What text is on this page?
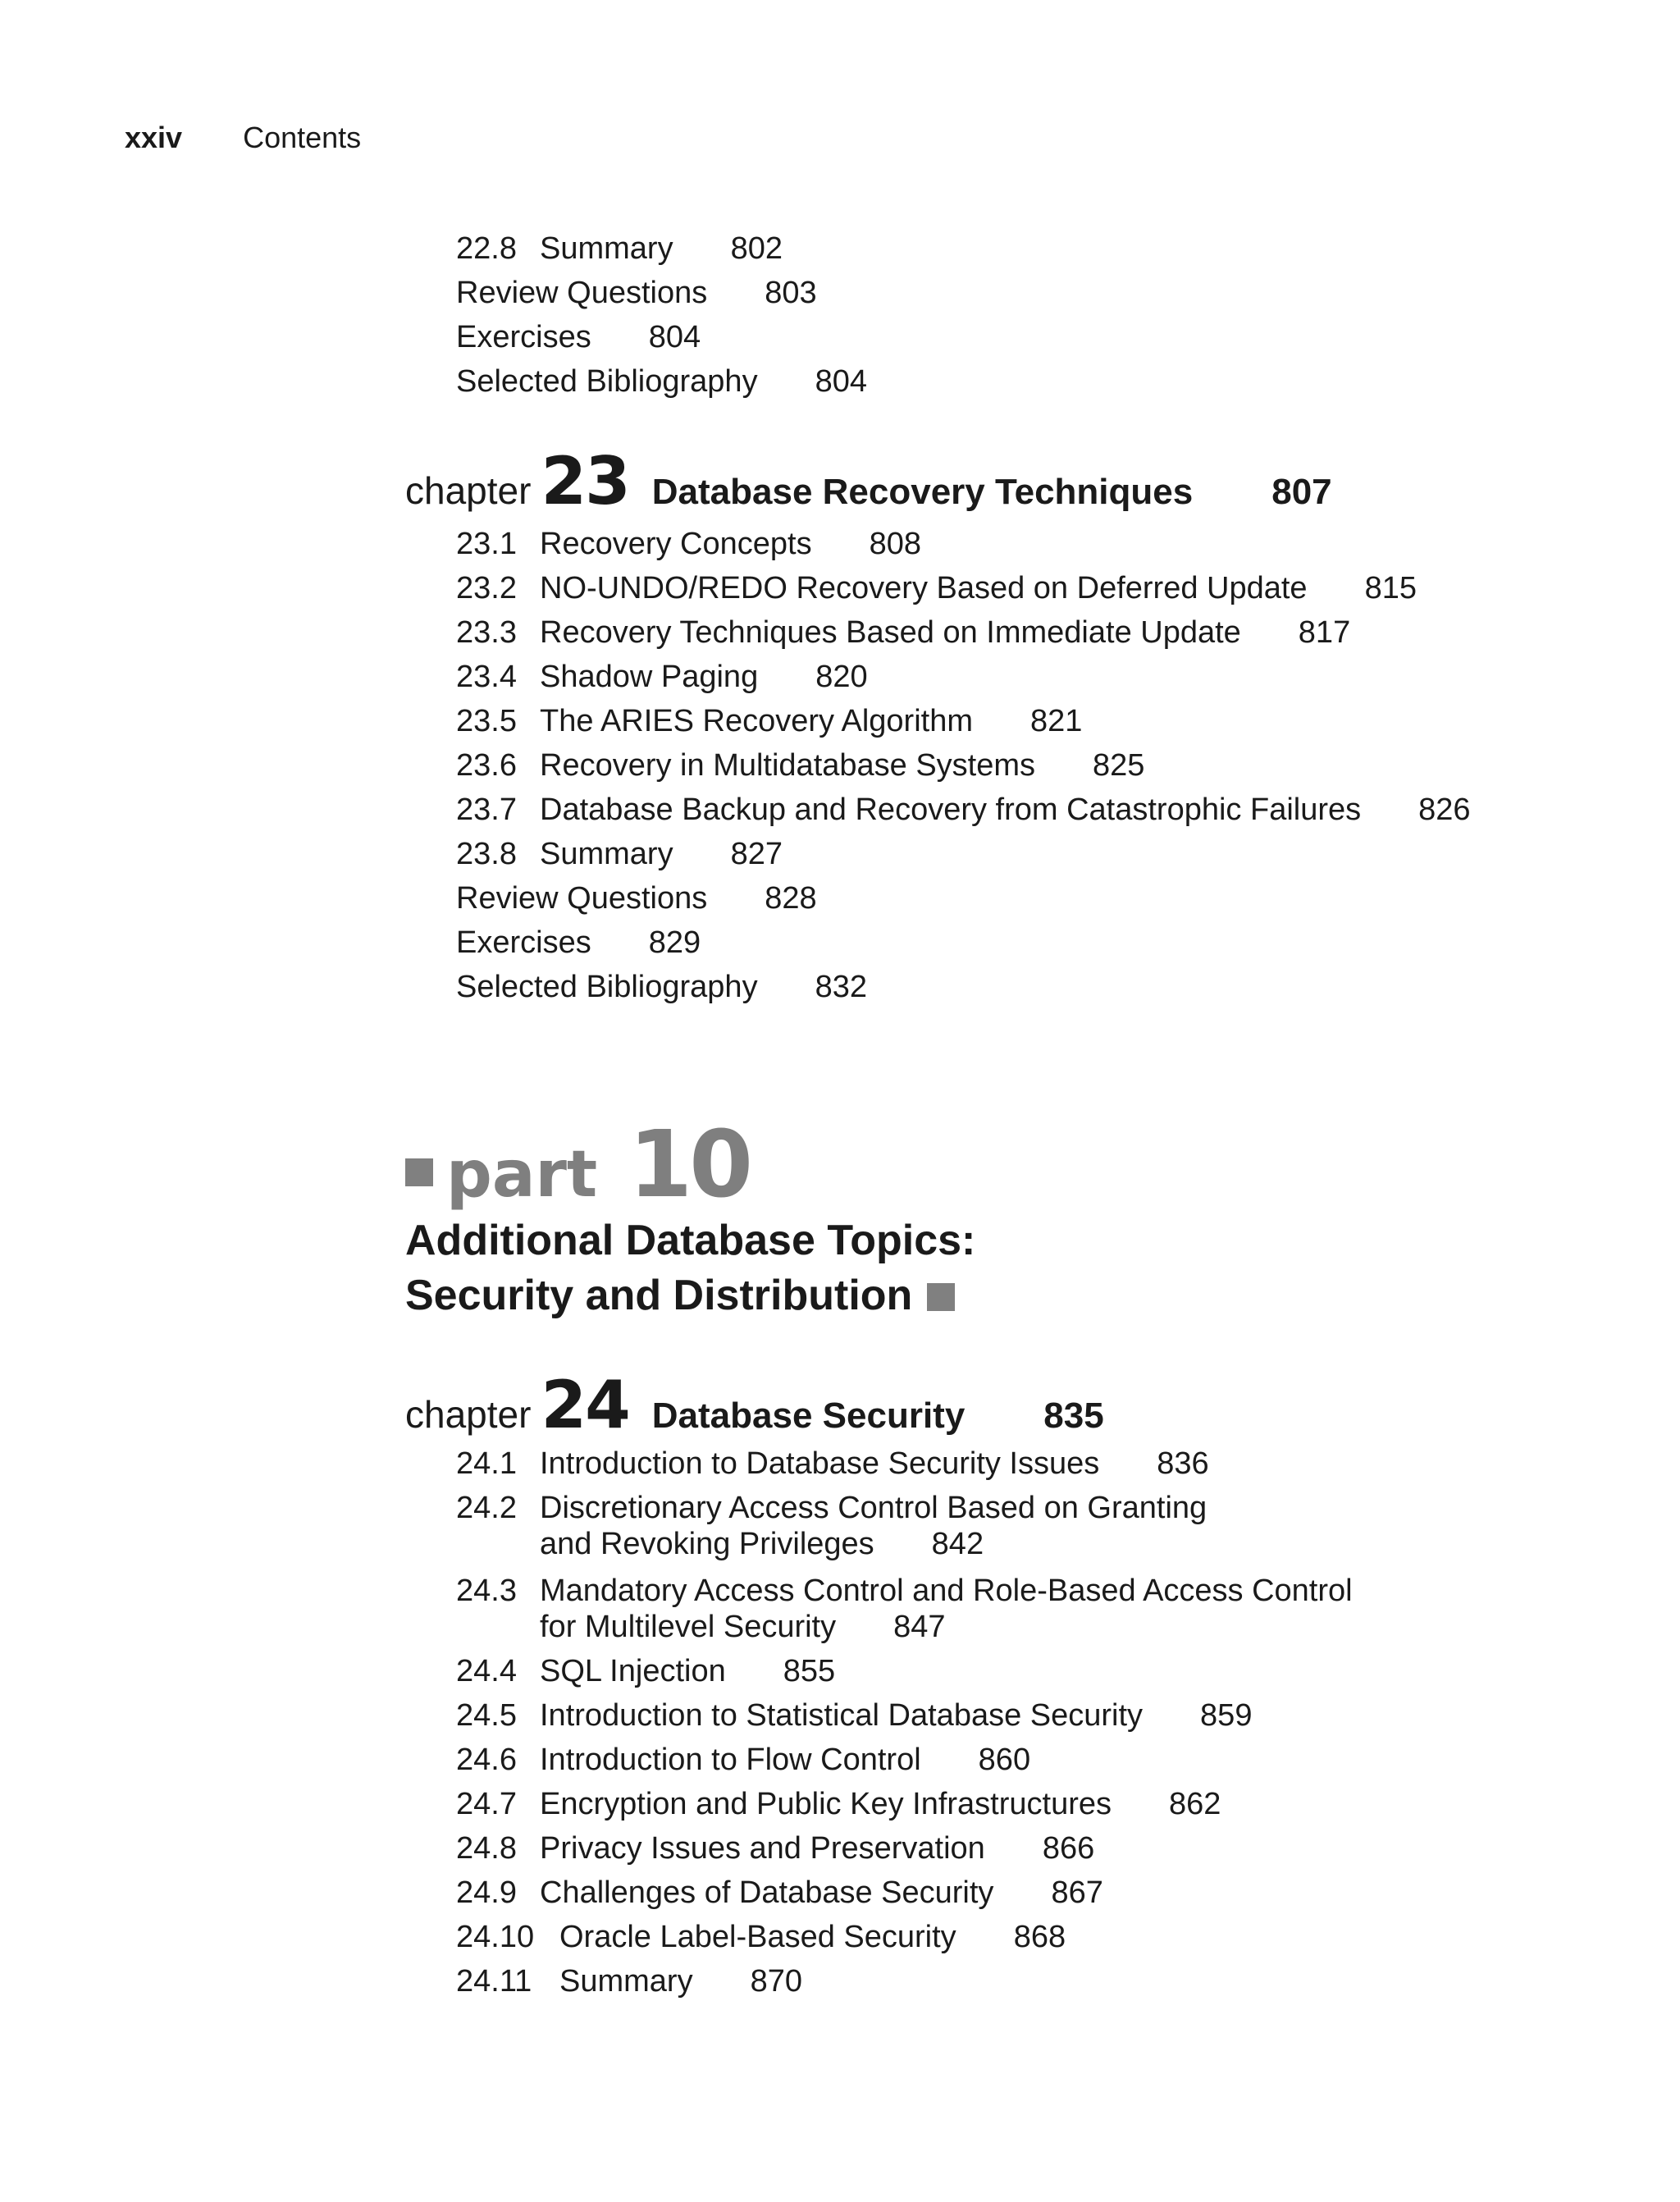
xxiv Contents
22.8 Summary 802
Review Questions 803
Exercises 804
Selected Bibliography 804
chapter 23 Database Recovery Techniques 807
23.1 Recovery Concepts 808
23.2 NO-UNDO/REDO Recovery Based on Deferred Update 815
23.3 Recovery Techniques Based on Immediate Update 817
23.4 Shadow Paging 820
23.5 The ARIES Recovery Algorithm 821
23.6 Recovery in Multidatabase Systems 825
23.7 Database Backup and Recovery from Catastrophic Failures 826
23.8 Summary 827
Review Questions 828
Exercises 829
Selected Bibliography 832
part 10
Additional Database Topics:
Security and Distribution
chapter 24 Database Security 835
24.1 Introduction to Database Security Issues 836
24.2 Discretionary Access Control Based on Granting
and Revoking Privileges 842
24.3 Mandatory Access Control and Role-Based Access Control
for Multilevel Security 847
24.4 SQL Injection 855
24.5 Introduction to Statistical Database Security 859
24.6 Introduction to Flow Control 860
24.7 Encryption and Public Key Infrastructures 862
24.8 Privacy Issues and Preservation 866
24.9 Challenges of Database Security 867
24.10 Oracle Label-Based Security 868
24.11 Summary 870
